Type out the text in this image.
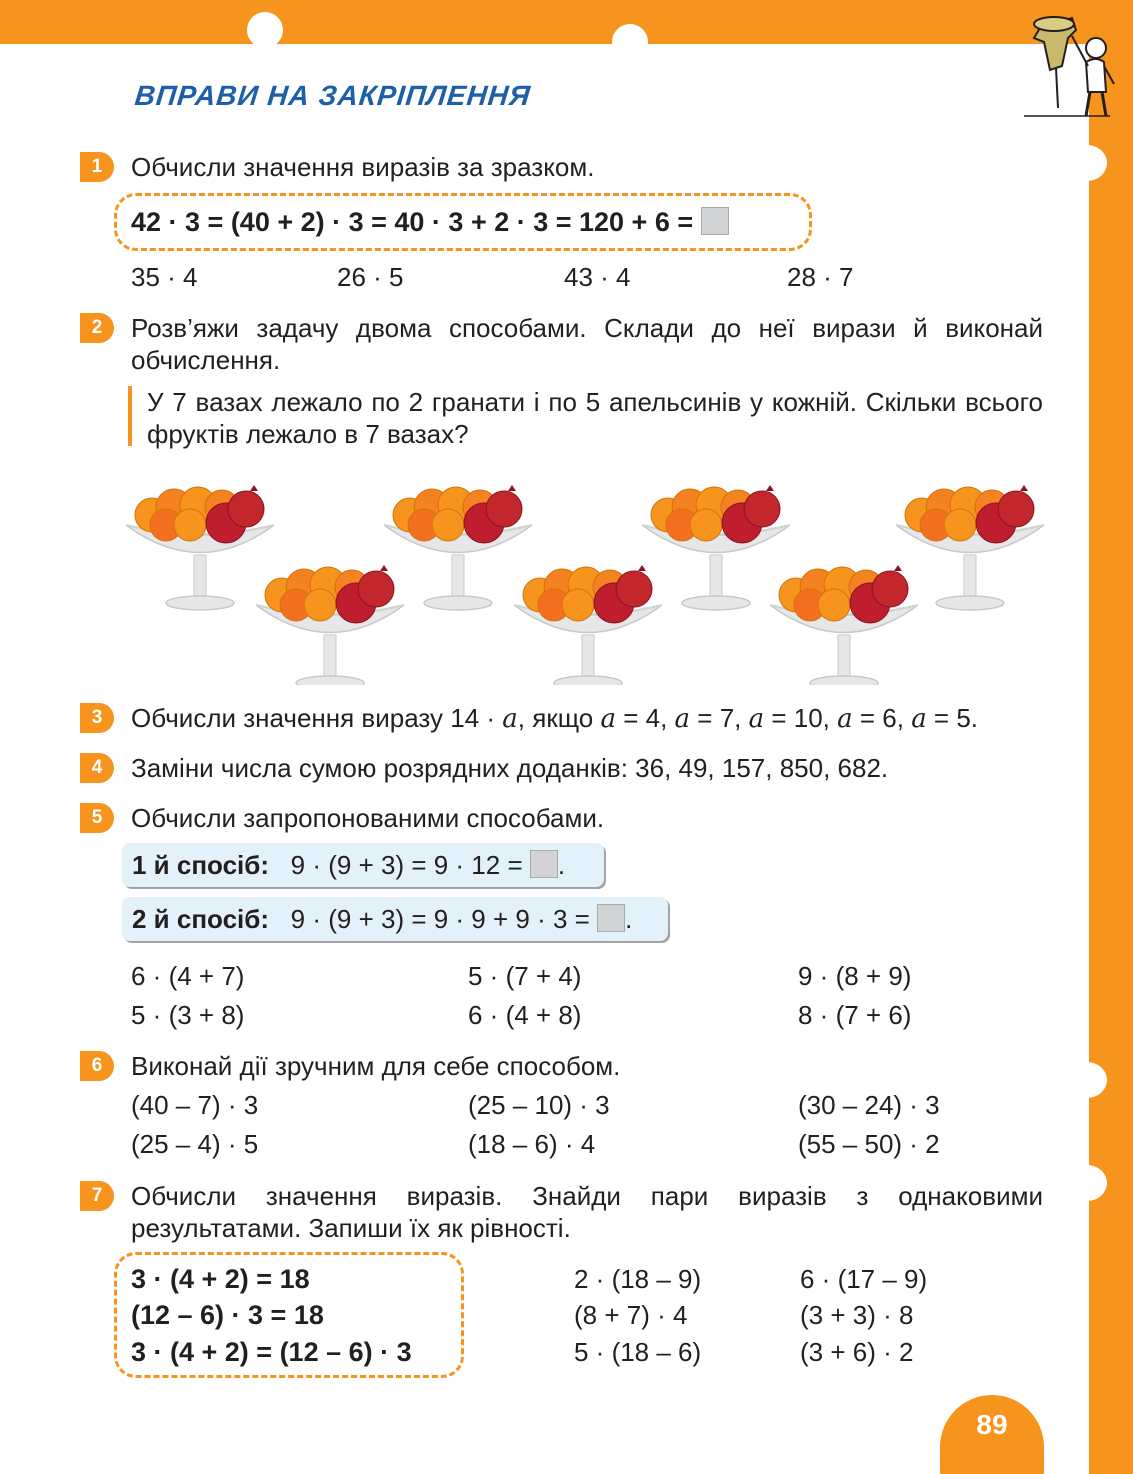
ВПРАВИ НА ЗАКРІПЛЕННЯ
1	Обчисли значення виразів за зразком.
42 · 3 = (40 + 2) · 3 = 40 · 3 + 2 · 3 = 120 + 6 =
35 · 4	26 · 5	43 · 4	28 · 7
2	Розв’яжи задачу двома способами. Склади до неї вирази й виконай обчислення.
У 7 вазах лежало по 2 гранати і по 5 апельсинів у кожній. Скільки всього фруктів лежало в 7 вазах?
3	Обчисли значення виразу 14 · a, якщо a = 4, a = 7, a = 10, a = 6, a = 5.
4	Заміни числа сумою розрядних доданків: 36, 49, 157, 850, 682.
5	Обчисли запропонованими способами.
1 й спосіб: 9 · (9 + 3) = 9 · 12 = .
2 й спосіб: 9 · (9 + 3) = 9 · 9 + 9 · 3 = .
6 · (4 + 7)	5 · (7 + 4)	9 · (8 + 9)
5 · (3 + 8)	6 · (4 + 8)	8 · (7 + 6)
6	Виконай дії зручним для себе способом.
(40 – 7) · 3	(25 – 10) · 3	(30 – 24) · 3
(25 – 4) · 5	(18 – 6) · 4	(55 – 50) · 2
7	Обчисли значення виразів. Знайди пари виразів з однаковими результатами. Запиши їх як рівності.
3 · (4 + 2) = 18
(12 – 6) · 3 = 18
3 · (4 + 2) = (12 – 6) · 3
2 · (18 – 9)	6 · (17 – 9)
(8 + 7) · 4	(3 + 3) · 8
5 · (18 – 6)	(3 + 6) · 2
89
